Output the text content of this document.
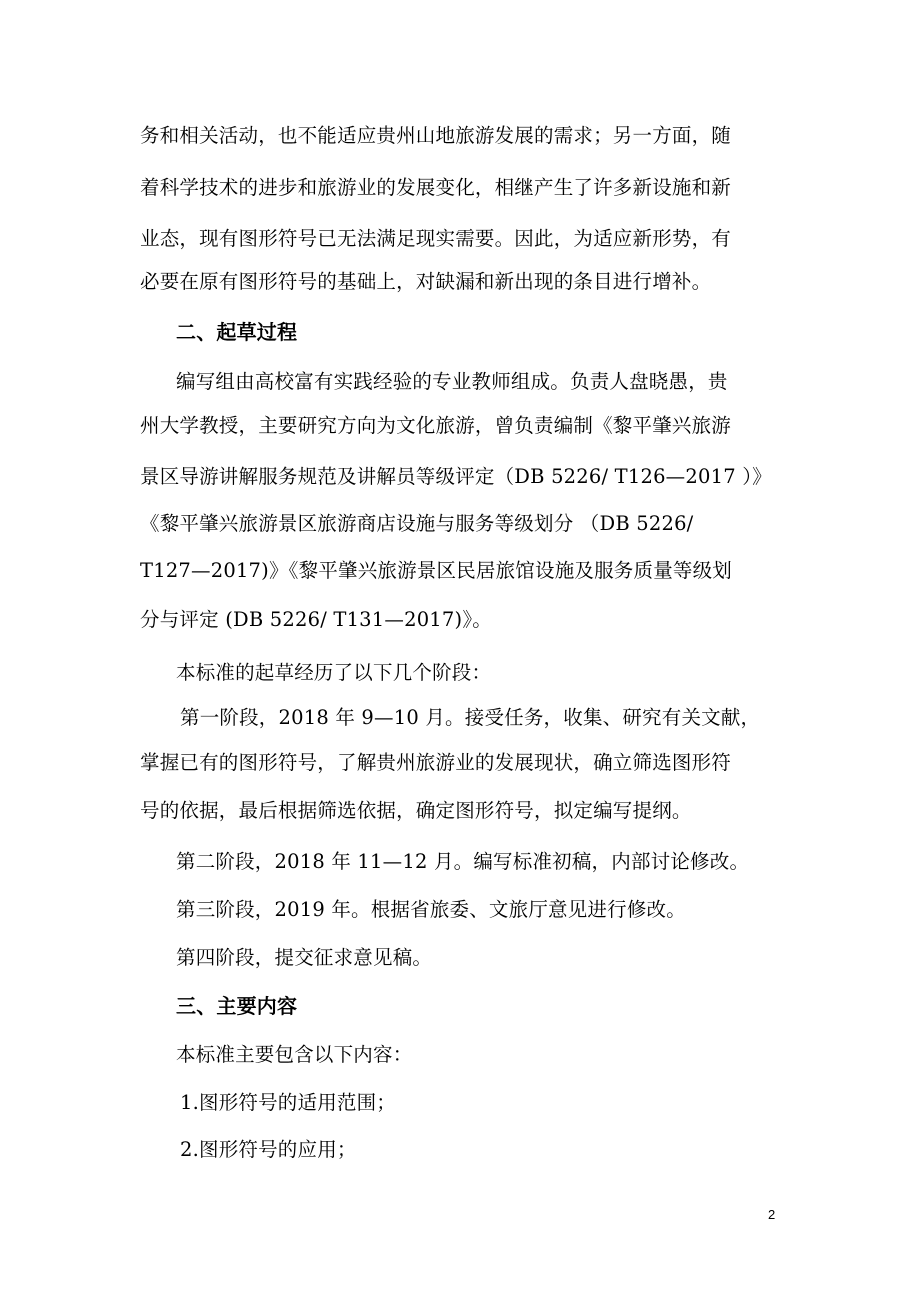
务和相关活动，也不能适应贵州山地旅游发展的需求；另一方面，随
着科学技术的进步和旅游业的发展变化，相继产生了许多新设施和新
业态，现有图形符号已无法满足现实需要。因此，为适应新形势，有
必要在原有图形符号的基础上，对缺漏和新出现的条目进行增补。
二、起草过程
编写组由高校富有实践经验的专业教师组成。负责人盘晓愚，贵
州大学教授，主要研究方向为文化旅游，曾负责编制《黎平肇兴旅游
景区导游讲解服务规范及讲解员等级评定（DB 5226/ T126—2017 ）》
《黎平肇兴旅游景区旅游商店设施与服务等级划分 （DB 5226/
T127—2017)》《黎平肇兴旅游景区民居旅馆设施及服务质量等级划
分与评定 (DB 5226/ T131—2017)》。
本标准的起草经历了以下几个阶段：
第一阶段，2018 年 9—10 月。接受任务，收集、研究有关文献，
掌握已有的图形符号，了解贵州旅游业的发展现状，确立筛选图形符
号的依据，最后根据筛选依据，确定图形符号，拟定编写提纲。
第二阶段，2018 年 11—12 月。编写标准初稿，内部讨论修改。
第三阶段，2019 年。根据省旅委、文旅厅意见进行修改。
第四阶段，提交征求意见稿。
三、主要内容
本标准主要包含以下内容：
1.图形符号的适用范围；
2.图形符号的应用；
2
